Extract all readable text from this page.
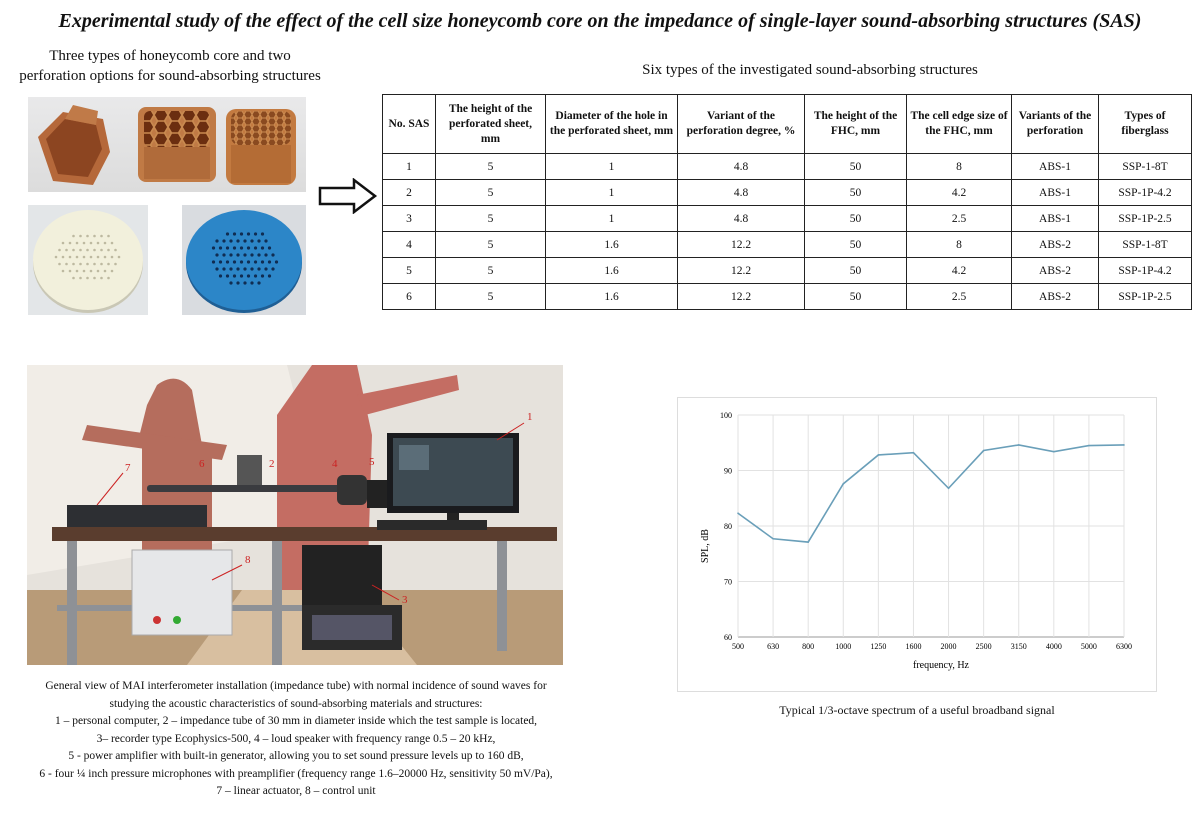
Experimental study of the effect of the cell size honeycomb core on the impedance of single-layer sound-absorbing structures (SAS)
Three types of honeycomb core and two
perforation options for sound-absorbing structures	Six types of the investigated sound-absorbing structures
No. SAS	The height of the perforated sheet, mm	Diameter of the hole in the perforated sheet, mm	Variant of the perforation degree, %	The height of the FHC, mm	The cell edge size of the FHC, mm	Variants of the perforation	Types of fiberglass
1	5	1	4.8	50	8	ABS-1	SSP-1-8T
2	5	1	4.8	50	4.2	ABS-1	SSP-1P-4.2
3	5	1	4.8	50	2.5	ABS-1	SSP-1P-2.5
4	5	1.6	12.2	50	8	ABS-2	SSP-1-8T
5	5	1.6	12.2	50	4.2	ABS-2	SSP-1P-4.2
6	5	1.6	12.2	50	2.5	ABS-2	SSP-1P-2.5
1
2
3
4	5
6
7
8
General view of MAI interferometer installation (impedance tube) with normal incidence of sound waves for
studying the acoustic characteristics of sound-absorbing materials and structures:
1 – personal computer, 2 – impedance tube of 30 mm in diameter inside which the test sample is located,
3– recorder type Ecophysics-500, 4 – loud speaker with frequency range 0.5 – 20 kHz,
5 - power amplifier with built-in generator, allowing you to set sound pressure levels up to 160 dB,
6 - four ¼ inch pressure microphones with preamplifier (frequency range 1.6–20000 Hz, sensitivity 50 mV/Pa),
7 – linear actuator, 8 – control unit
60
70
80
90
100
500	630	800	1000 1250 1600 2000 2500 3150 4000 5000 6300
SPL, dB
frequency, Hz
Typical 1/3-octave spectrum of a useful broadband signal
